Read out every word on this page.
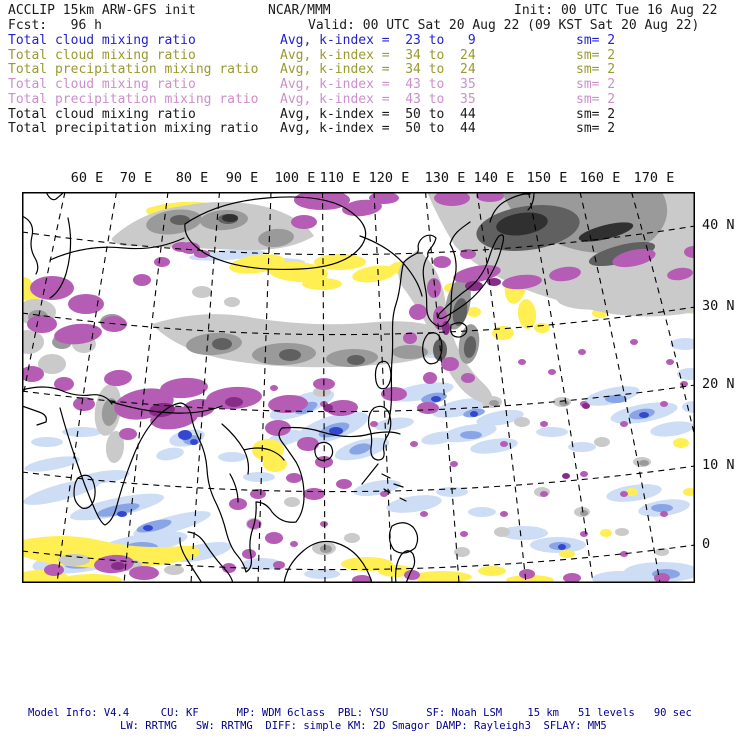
ACCLIP 15km ARW-GFS init	NCAR/MMM	Init: 00 UTC Tue 16 Aug 22
Fcst:   96 h	Valid: 00 UTC Sat 20 Aug 22 (09 KST Sat 20 Aug 22)
Total cloud mixing ratio	Avg, k-index =  23 to   9	sm= 2
Total cloud mixing ratio	Avg, k-index =  34 to  24	sm= 2
Total precipitation mixing ratio Avg, k-index =  34 to  24	sm= 2
Total cloud mixing ratio	Avg, k-index =  43 to  35	sm= 2
Total precipitation mixing ratio Avg, k-index =  43 to  35	sm= 2
Total cloud mixing ratio	Avg, k-index =  50 to  44	sm= 2
Total precipitation mixing ratio Avg, k-index =  50 to  44	sm= 2
60 E 70 E 80 E 90 E 100 E 110 E 120 E 130 E 140 E 150 E 160 E 170 E
40 N
30 N
20 N
10 N
0
Model Info: V4.4     CU: KF      MP: WDM 6class  PBL: YSU      SF: Noah LSM    15 km   51 levels   90 sec
LW: RRTMG   SW: RRTMG  DIFF: simple KM: 2D Smagor DAMP: Rayleigh3  SFLAY: MM5
